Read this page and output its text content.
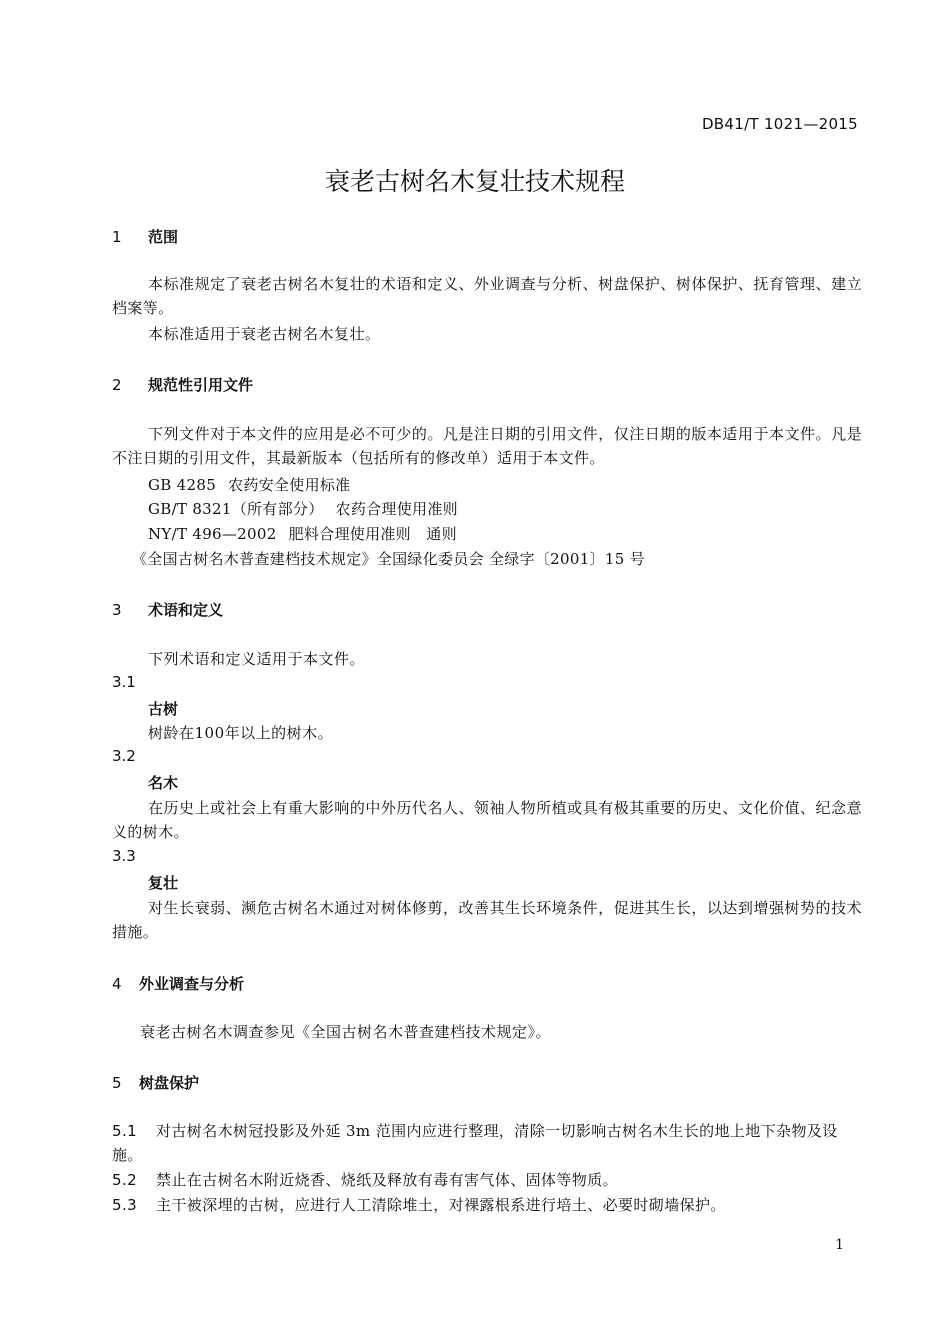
DB41/T 1021—2015
衰老古树名木复壮技术规程
1 范围
本标准规定了衰老古树名木复壮的术语和定义、外业调查与分析、树盘保护、树体保护、抚育管理、建立档案等。
本标准适用于衰老古树名木复壮。
2 规范性引用文件
下列文件对于本文件的应用是必不可少的。凡是注日期的引用文件，仅注日期的版本适用于本文件。凡是不注日期的引用文件，其最新版本（包括所有的修改单）适用于本文件。
GB 4285 农药安全使用标准
GB/T 8321（所有部分） 农药合理使用准则
NY/T 496—2002 肥料合理使用准则　通则
《全国古树名木普查建档技术规定》全国绿化委员会 全绿字〔2001〕15 号
3 术语和定义
下列术语和定义适用于本文件。
3.1
古树
树龄在100年以上的树木。
3.2
名木
在历史上或社会上有重大影响的中外历代名人、领袖人物所植或具有极其重要的历史、文化价值、纪念意义的树木。
3.3
复壮
对生长衰弱、濒危古树名木通过对树体修剪，改善其生长环境条件，促进其生长，以达到增强树势的技术措施。
4 外业调查与分析
衰老古树名木调查参见《全国古树名木普查建档技术规定》。
5 树盘保护
5.1 对古树名木树冠投影及外延 3m 范围内应进行整理，清除一切影响古树名木生长的地上地下杂物及设施。
5.2 禁止在古树名木附近烧香、烧纸及释放有毒有害气体、固体等物质。
5.3 主干被深埋的古树，应进行人工清除堆土，对裸露根系进行培土、必要时砌墙保护。
1
